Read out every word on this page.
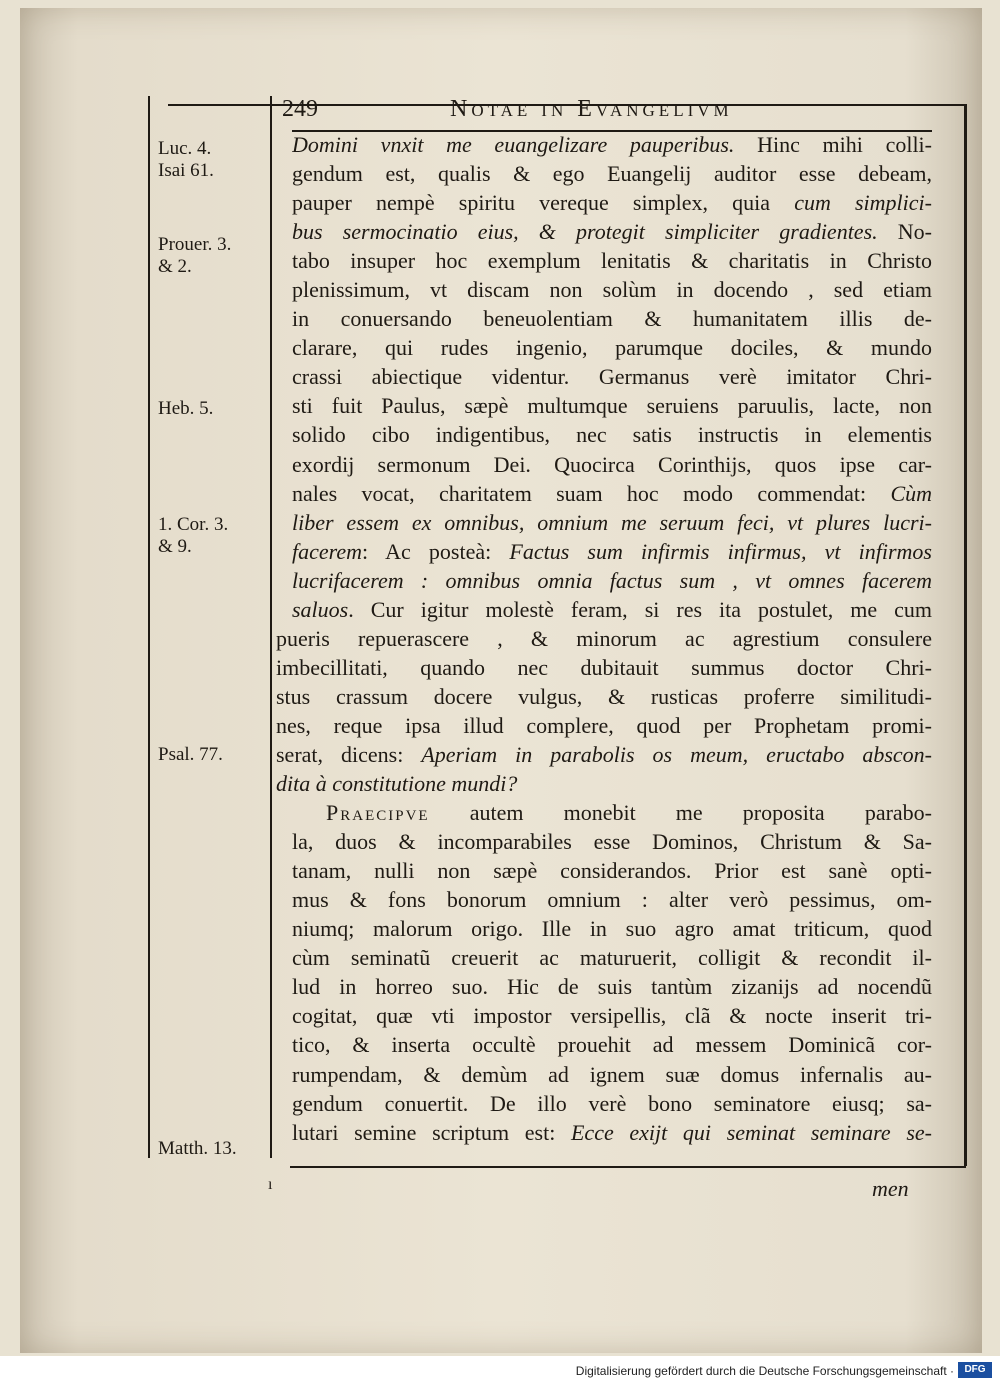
249	Notae in Evangelivm
Luc. 4.
Isai 61.
Prouer. 3.
& 2.
Heb. 5.
1. Cor. 3.
& 9.
Psal. 77.
Matth. 13.
Domini vnxit me euangelizare pauperibus. Hinc mihi colli-
gendum est, qualis & ego Euangelij auditor esse debeam,
pauper nempè spiritu vereque simplex, quia cum simplici-
bus sermocinatio eius, & protegit simpliciter gradientes. No-
tabo insuper hoc exemplum lenitatis & charitatis in Christo
plenissimum, vt discam non solùm in docendo , sed etiam
in conuersando beneuolentiam & humanitatem illis de-
clarare, qui rudes ingenio, parumque dociles, & mundo
crassi abiectique videntur. Germanus verè imitator Chri-
sti fuit Paulus, sæpè multumque seruiens paruulis, lacte, non
solido cibo indigentibus, nec satis instructis in elementis
exordij sermonum Dei. Quocirca Corinthijs, quos ipse car-
nales vocat, charitatem suam hoc modo commendat: Cùm
liber essem ex omnibus, omnium me seruum feci, vt plures lucri-
facerem: Ac posteà: Factus sum infirmis infirmus, vt infirmos
lucrifacerem : omnibus omnia factus sum , vt omnes facerem
saluos. Cur igitur molestè feram, si res ita postulet, me cum
pueris repuerascere , & minorum ac agrestium consulere
imbecillitati, quando nec dubitauit summus doctor Chri-
stus crassum docere vulgus, & rusticas proferre similitudi-
nes, reque ipsa illud complere, quod per Prophetam promi-
serat, dicens: Aperiam in parabolis os meum, eructabo abscon-
dita à constitutione mundi?
Praecipve autem monebit me proposita parabo-
la, duos & incomparabiles esse Dominos, Christum & Sa-
tanam, nulli non sæpè considerandos. Prior est sanè opti-
mus & fons bonorum omnium : alter verò pessimus, om-
niumq; malorum origo. Ille in suo agro amat triticum, quod
cùm seminatũ creuerit ac maturuerit, colligit & recondit il-
lud in horreo suo. Hic de suis tantùm zizanijs ad nocendũ
cogitat, quæ vti impostor versipellis, clã & nocte inserit tri-
tico, & inserta occultè prouehit ad messem Dominicã cor-
rumpendam, & demùm ad ignem suæ domus infernalis au-
gendum conuertit. De illo verè bono seminatore eiusq; sa-
lutari semine scriptum est: Ecce exijt qui seminat seminare se-
ı	men
Digitalisierung gefördert durch die Deutsche Forschungsgemeinschaft ·	DFG
